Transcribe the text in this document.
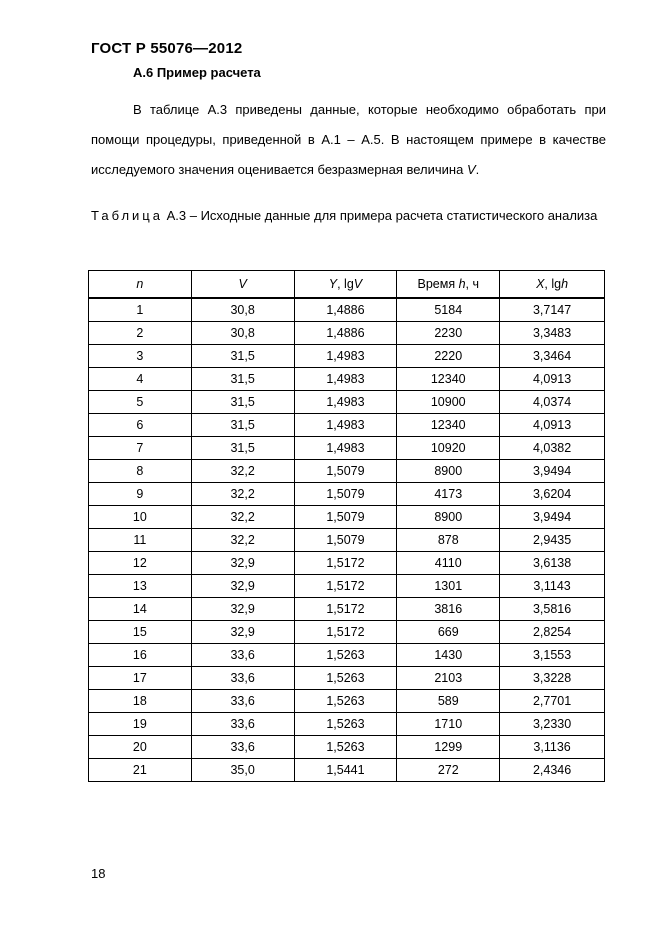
ГОСТ Р 55076—2012
А.6 Пример расчета
В таблице А.3 приведены данные, которые необходимо обработать при помощи процедуры, приведенной в А.1 – А.5. В настоящем примере в качестве исследуемого значения оценивается безразмерная величина V.
Таблица А.3 – Исходные данные для примера расчета статистического анализа
n	V	Y, lgV	Время h, ч	X, lgh
1	30,8	1,4886	5184	3,7147
2	30,8	1,4886	2230	3,3483
3	31,5	1,4983	2220	3,3464
4	31,5	1,4983	12340	4,0913
5	31,5	1,4983	10900	4,0374
6	31,5	1,4983	12340	4,0913
7	31,5	1,4983	10920	4,0382
8	32,2	1,5079	8900	3,9494
9	32,2	1,5079	4173	3,6204
10	32,2	1,5079	8900	3,9494
11	32,2	1,5079	878	2,9435
12	32,9	1,5172	4110	3,6138
13	32,9	1,5172	1301	3,1143
14	32,9	1,5172	3816	3,5816
15	32,9	1,5172	669	2,8254
16	33,6	1,5263	1430	3,1553
17	33,6	1,5263	2103	3,3228
18	33,6	1,5263	589	2,7701
19	33,6	1,5263	1710	3,2330
20	33,6	1,5263	1299	3,1136
21	35,0	1,5441	272	2,4346
18
